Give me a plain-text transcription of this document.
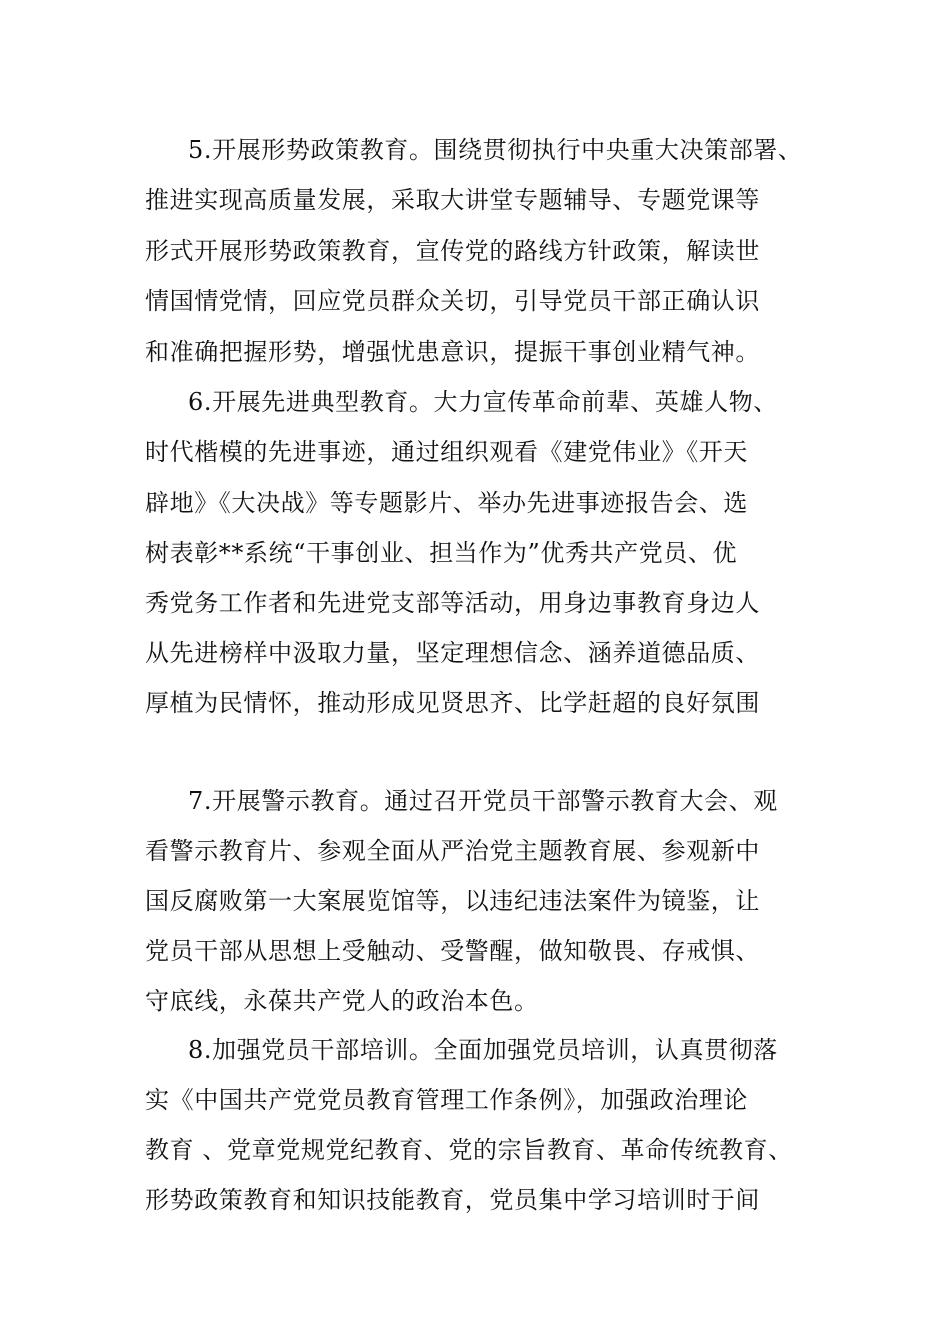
5.开展形势政策教育。围绕贯彻执行中央重大决策部署、
推进实现高质量发展，采取大讲堂专题辅导、专题党课等
形式开展形势政策教育，宣传党的路线方针政策，解读世
情国情党情，回应党员群众关切，引导党员干部正确认识
和准确把握形势，增强忧患意识，提振干事创业精气神。
6.开展先进典型教育。大力宣传革命前辈、英雄人物、
时代楷模的先进事迹，通过组织观看《建党伟业》《开天
辟地》《大决战》等专题影片、举办先进事迹报告会、选
树表彰**系统“干事创业、担当作为”优秀共产党员、优
秀党务工作者和先进党支部等活动，用身边事教育身边人
从先进榜样中汲取力量，坚定理想信念、涵养道德品质、
厚植为民情怀，推动形成见贤思齐、比学赶超的良好氛围
7.开展警示教育。通过召开党员干部警示教育大会、观
看警示教育片、参观全面从严治党主题教育展、参观新中
国反腐败第一大案展览馆等，以违纪违法案件为镜鉴，让
党员干部从思想上受触动、受警醒，做知敬畏、存戒惧、
守底线，永葆共产党人的政治本色。
8.加强党员干部培训。全面加强党员培训，认真贯彻落
实《中国共产党党员教育管理工作条例》，加强政治理论
教育 、党章党规党纪教育、党的宗旨教育、革命传统教育、
形势政策教育和知识技能教育，党员集中学习培训时于间
